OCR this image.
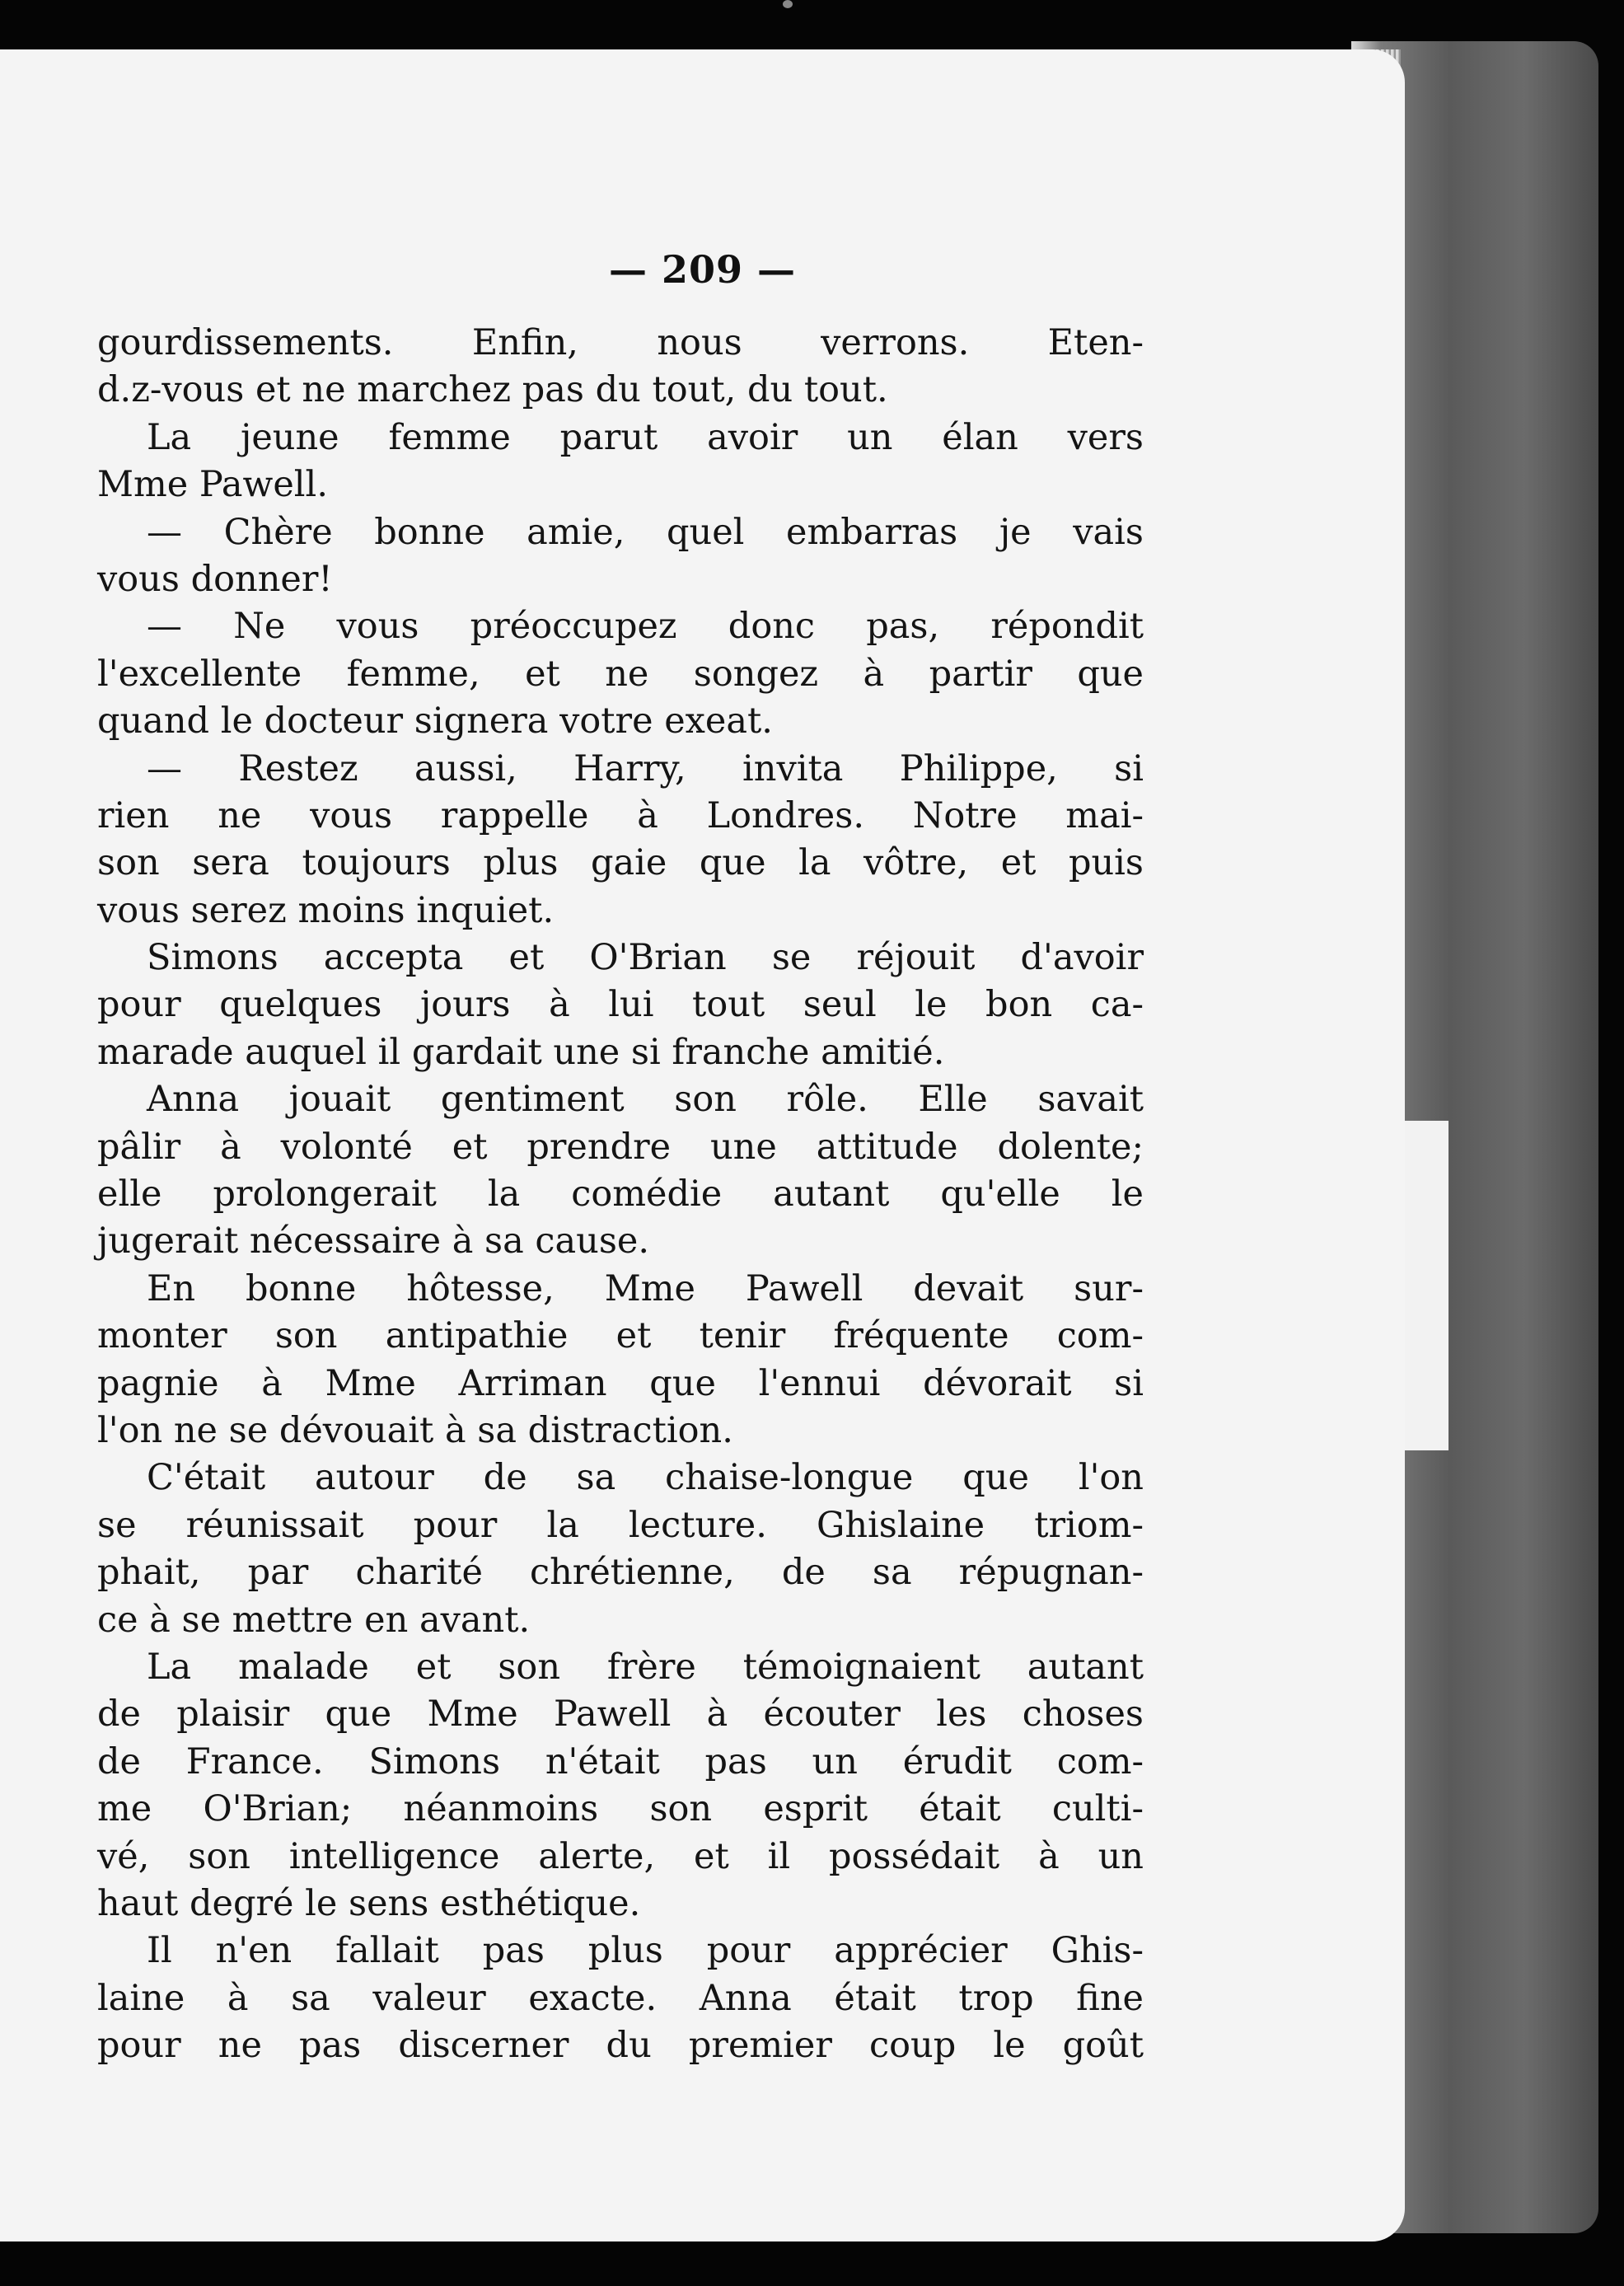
— 209 —
gourdissements. Enfin, nous verrons. Eten-
d.z-vous et ne marchez pas du tout, du tout.
La jeune femme parut avoir un élan vers
Mme Pawell.
— Chère bonne amie, quel embarras je vais
vous donner!
— Ne vous préoccupez donc pas, répondit
l'excellente femme, et ne songez à partir que
quand le docteur signera votre exeat.
— Restez aussi, Harry, invita Philippe, si
rien ne vous rappelle à Londres. Notre mai-
son sera toujours plus gaie que la vôtre, et puis
vous serez moins inquiet.
Simons accepta et O'Brian se réjouit d'avoir
pour quelques jours à lui tout seul le bon ca-
marade auquel il gardait une si franche amitié.
Anna jouait gentiment son rôle. Elle savait
pâlir à volonté et prendre une attitude dolente;
elle prolongerait la comédie autant qu'elle le
jugerait nécessaire à sa cause.
En bonne hôtesse, Mme Pawell devait sur-
monter son antipathie et tenir fréquente com-
pagnie à Mme Arriman que l'ennui dévorait si
l'on ne se dévouait à sa distraction.
C'était autour de sa chaise-longue que l'on
se réunissait pour la lecture. Ghislaine triom-
phait, par charité chrétienne, de sa répugnan-
ce à se mettre en avant.
La malade et son frère témoignaient autant
de plaisir que Mme Pawell à écouter les choses
de France. Simons n'était pas un érudit com-
me O'Brian; néanmoins son esprit était culti-
vé, son intelligence alerte, et il possédait à un
haut degré le sens esthétique.
Il n'en fallait pas plus pour apprécier Ghis-
laine à sa valeur exacte. Anna était trop fine
pour ne pas discerner du premier coup le goût
